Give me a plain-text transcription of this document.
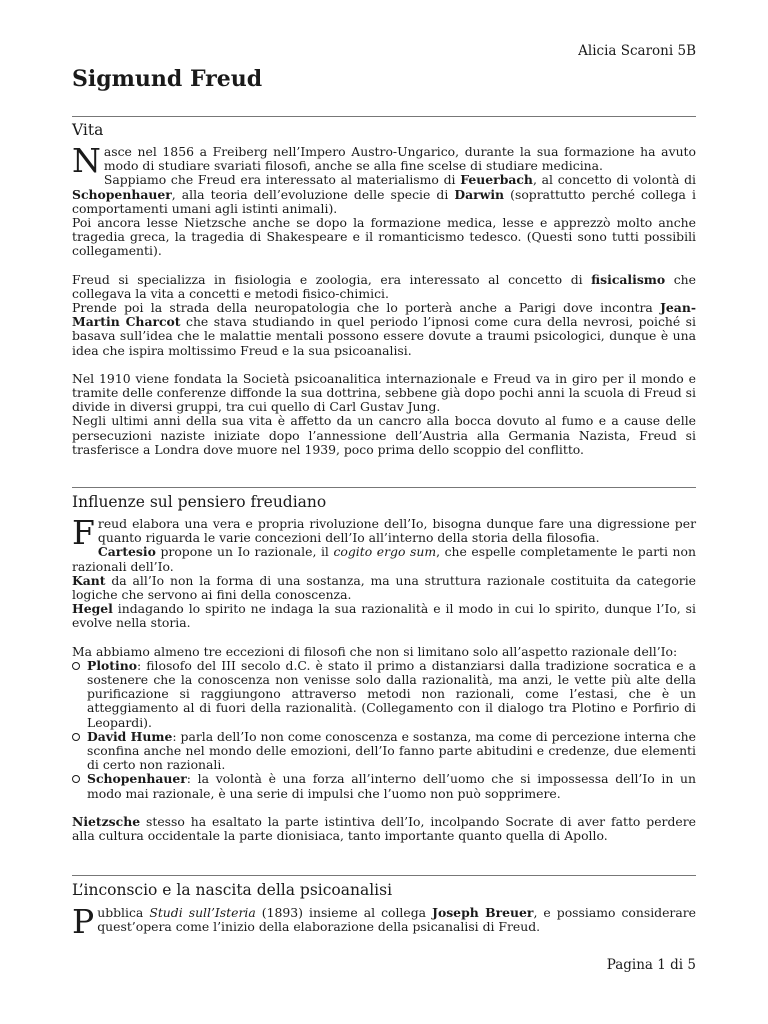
Alicia Scaroni 5B
Sigmund Freud
Vita

Nasce nel 1856 a Freiberg nell’Impero Austro-Ungarico, durante la sua formazione ha avuto modo di studiare svariati filosofi, anche se alla fine scelse di studiare medicina.

Sappiamo che Freud era interessato al materialismo di Feuerbach, al concetto di volontà di Schopenhauer, alla teoria dell’evoluzione delle specie di Darwin (soprattutto perché collega i comportamenti umani agli istinti animali).

Poi ancora lesse Nietzsche anche se dopo la formazione medica, lesse e apprezzò molto anche tragedia greca, la tragedia di Shakespeare e il romanticismo tedesco. (Questi sono tutti possibili collegamenti).

Freud si specializza in fisiologia e zoologia, era interessato al concetto di fisicalismo che collegava la vita a concetti e metodi fisico-chimici.

Prende poi la strada della neuropatologia che lo porterà anche a Parigi dove incontra Jean-Martin Charcot che stava studiando in quel periodo l’ipnosi come cura della nevrosi, poiché si basava sull’idea che le malattie mentali possono essere dovute a traumi psicologici, dunque è una idea che ispira moltissimo Freud e la sua psicoanalisi.

Nel 1910 viene fondata la Società psicoanalitica internazionale e Freud va in giro per il mondo e tramite delle conferenze diffonde la sua dottrina, sebbene già dopo pochi anni la scuola di Freud si divide in diversi gruppi, tra cui quello di Carl Gustav Jung.

Negli ultimi anni della sua vita è affetto da un cancro alla bocca dovuto al fumo e a cause delle persecuzioni naziste iniziate dopo l’annessione dell’Austria alla Germania Nazista, Freud si trasferisce a Londra dove muore nel 1939, poco prima dello scoppio del conflitto.

Influenze sul pensiero freudiano

Freud elabora una vera e propria rivoluzione dell’Io, bisogna dunque fare una digressione per quanto riguarda le varie concezioni dell’Io all’interno della storia della filosofia.

Cartesio propone un Io razionale, il cogito ergo sum, che espelle completamente le parti non razionali dell’Io.

Kant da all’Io non la forma di una sostanza, ma una struttura razionale costituita da categorie logiche che servono ai fini della conoscenza.

Hegel indagando lo spirito ne indaga la sua razionalità e il modo in cui lo spirito, dunque l’Io, si evolve nella storia.

Ma abbiamo almeno tre eccezioni di filosofi che non si limitano solo all’aspetto razionale dell’Io:

Plotino: filosofo del III secolo d.C. è stato il primo a distanziarsi dalla tradizione socratica e a sostenere che la conoscenza non venisse solo dalla razionalità, ma anzi, le vette più alte della purificazione si raggiungono attraverso metodi non razionali, come l’estasi, che è un atteggiamento al di fuori della razionalità. (Collegamento con il dialogo tra Plotino e Porfirio di Leopardi).

David Hume: parla dell’Io non come conoscenza e sostanza, ma come di percezione interna che sconfina anche nel mondo delle emozioni, dell’Io fanno parte abitudini e credenze, due elementi di certo non razionali.

Schopenhauer: la volontà è una forza all’interno dell’uomo che si impossessa dell’Io in un modo mai razionale, è una serie di impulsi che l’uomo non può sopprimere.

Nietzsche stesso ha esaltato la parte istintiva dell’Io, incolpando Socrate di aver fatto perdere alla cultura occidentale la parte dionisiaca, tanto importante quanto quella di Apollo.

L’inconscio e la nascita della psicoanalisi

Pubblica Studi sull’Isteria (1893) insieme al collega Joseph Breuer, e possiamo considerare quest’opera come l’inizio della elaborazione della psicanalisi di Freud.

Pagina 1 di 5
